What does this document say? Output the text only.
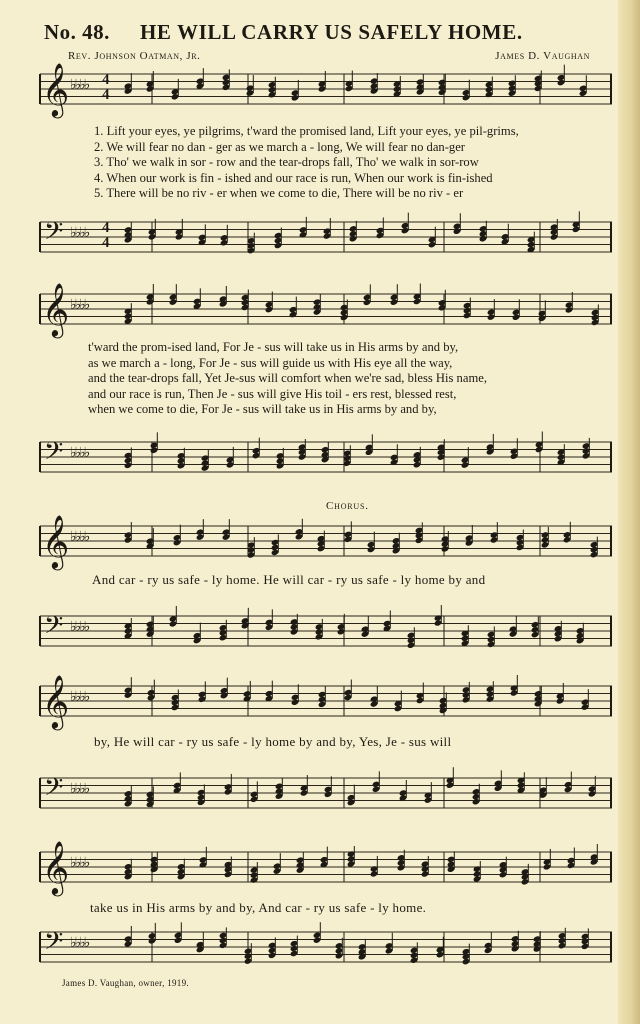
No. 48. HE WILL CARRY US SAFELY HOME.
Rev. Johnson Oatman, Jr.	James D. Vaughan
𝄞 ♭♭♭♭ 4
4
1. Lift your eyes, ye pilgrims, t'ward the promised land, Lift your eyes, ye pil-grims,
2. We will fear no dan - ger as we march a - long, We will fear no dan-ger
3. Tho' we walk in sor - row and the tear-drops fall, Tho' we walk in sor-row
4. When our work is fin - ished and our race is run, When our work is fin-ished
5. There will be no riv - er when we come to die, There will be no riv - er
𝄢 ♭♭♭♭ 4
4
𝄞 ♭♭♭♭
t'ward the prom-ised land, For Je - sus will take us in His arms by and by,
as we march a - long, For Je - sus will guide us with His eye all the way,
and the tear-drops fall, Yet Je-sus will comfort when we're sad, bless His name,
and our race is run, Then Je - sus will give His toil - ers rest, blessed rest,
when we come to die, For Je - sus will take us in His arms by and by,
𝄢 ♭♭♭♭
Chorus.
𝄞 ♭♭♭♭
And car - ry us safe - ly home. He will car - ry us safe - ly home by and
𝄢 ♭♭♭♭
𝄞 ♭♭♭♭
by, He will car - ry us safe - ly home by and by, Yes, Je - sus will
𝄢 ♭♭♭♭
𝄞 ♭♭♭♭
take us in His arms by and by, And car - ry us safe - ly home.
𝄢 ♭♭♭♭
James D. Vaughan, owner, 1919.
